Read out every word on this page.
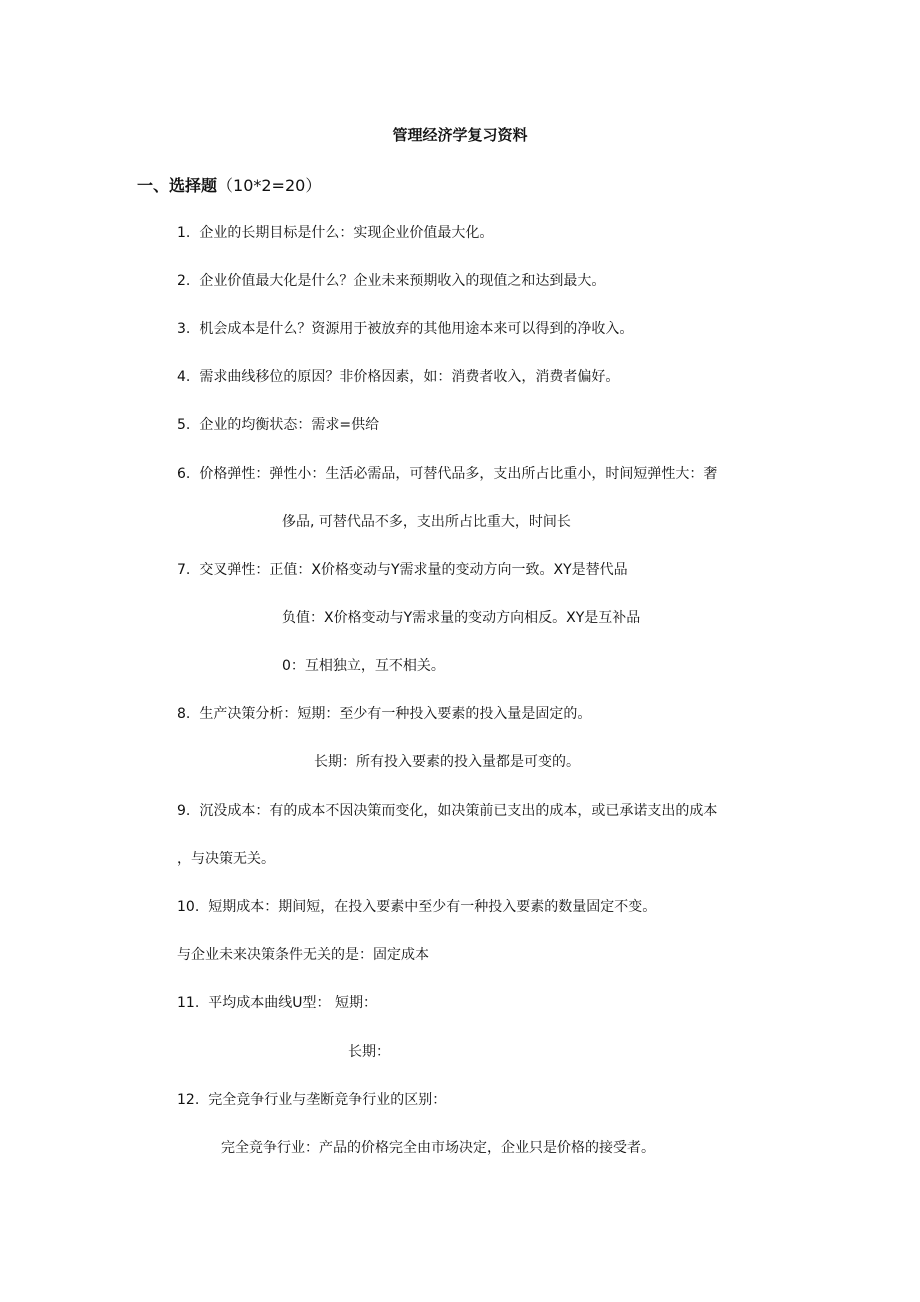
管理经济学复习资料
一、选择题（10*2=20）
1. 企业的长期目标是什么：实现企业价值最大化。
2. 企业价值最大化是什么？企业未来预期收入的现值之和达到最大。
3. 机会成本是什么？资源用于被放弃的其他用途本来可以得到的净收入。
4. 需求曲线移位的原因？非价格因素，如：消费者收入，消费者偏好。
5. 企业的均衡状态：需求=供给
6. 价格弹性：弹性小：生活必需品，可替代品多，支出所占比重小，时间短弹性大：奢
侈品, 可替代品不多，支出所占比重大，时间长
7. 交叉弹性：正值：X价格变动与Y需求量的变动方向一致。XY是替代品
负值：X价格变动与Y需求量的变动方向相反。XY是互补品
0：互相独立，互不相关。
8. 生产决策分析：短期：至少有一种投入要素的投入量是固定的。
长期：所有投入要素的投入量都是可变的。
9. 沉没成本：有的成本不因决策而变化，如决策前已支出的成本，或已承诺支出的成本
，与决策无关。
10. 短期成本：期间短，在投入要素中至少有一种投入要素的数量固定不变。
与企业未来决策条件无关的是：固定成本
11. 平均成本曲线U型： 短期：
长期：
12. 完全竞争行业与垄断竞争行业的区别：
完全竞争行业：产品的价格完全由市场决定，企业只是价格的接受者。
